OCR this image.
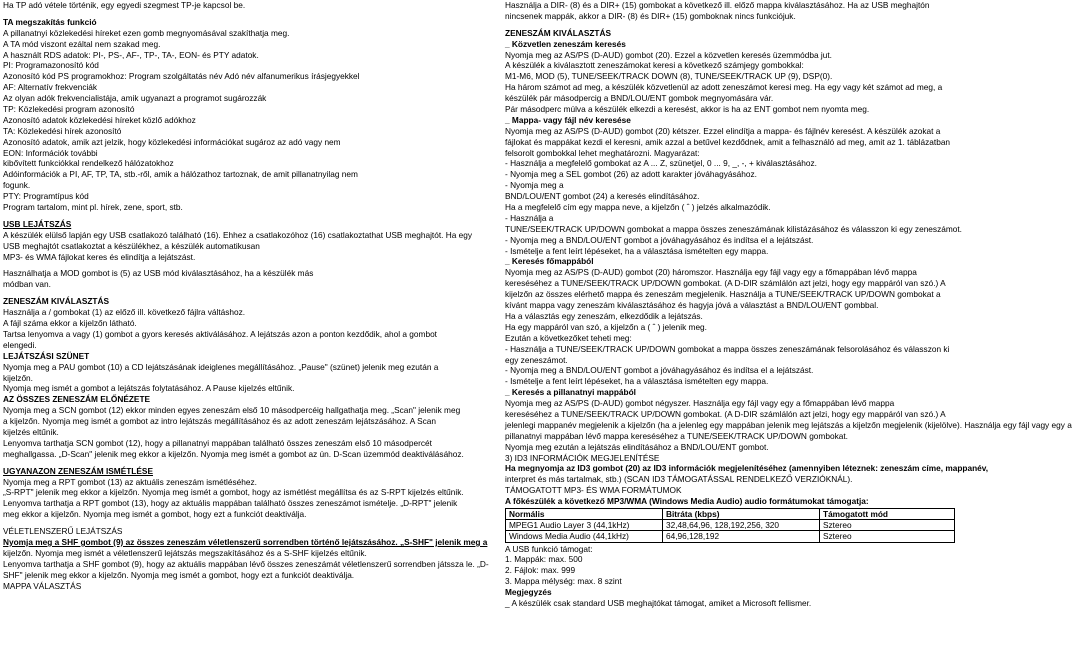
Ha TP adó vétele történik, egy egyedi szegmest TP-je kapcsol be.
TA megszakítás funkció
A pillanatnyi közlekedési híreket ezen gomb megnyomásával szakíthatja meg.
A TA mód viszont ezáltal nem szakad meg.
A használt RDS adatok: PI-, PS-, AF-, TP-, TA-, EON- és PTY adatok.
PI: Programazonosító kód
Azonosító kód PS programokhoz: Program szolgáltatás név Adó név alfanumerikus írásjegyekkel
AF: Alternatív frekvenciák
Az olyan adók frekvencialistája, amik ugyanazt a programot sugározzák
TP: Közlekedési program azonosító
Azonosító adatok közlekedési híreket közlő adókhoz
TA: Közlekedési hírek azonosító
Azonosító adatok, amik azt jelzik, hogy közlekedési információkat sugároz az adó vagy nem
EON: Információk további
kibővített funkciókkal rendelkező hálózatokhoz
Adóinformációk a PI, AF, TP, TA, stb.-ről, amik a hálózathoz tartoznak, de amit pillanatnyilag nem
fogunk.
PTY: Programtípus kód
Program tartalom, mint pl. hírek, zene, sport, stb.
USB LEJÁTSZÁS
A készülék elülső lapján egy USB csatlakozó található (16). Ehhez a csatlakozóhoz (16) csatlakoztathat USB meghajtót. Ha egy
USB meghajtót csatlakoztat a készülékhez, a készülék automatikusan
MP3- és WMA fájlokat keres és elindítja a lejátszást.
Használhatja a MOD gombot is (5) az USB mód kiválasztásához, ha a készülék más
módban van.
ZENESZÁM KIVÁLASZTÁS
Használja a / gombokat (1) az előző ill. következő fájlra váltáshoz.
A fájl száma ekkor a kijelzőn látható.
Tartsa lenyomva a vagy (1) gombot a gyors keresés aktiválásához. A lejátszás azon a ponton kezdődik, ahol a gombot
elengedi.
LEJÁTSZÁSI SZÜNET
Nyomja meg a PAU gombot (10) a CD lejátszásának ideiglenes megállításához. „Pause" (szünet) jelenik meg ezután a
kijelzőn.
Nyomja meg ismét a gombot a lejátszás folytatásához. A Pause kijelzés eltűnik.
AZ ÖSSZES ZENESZÁM ELŐNÉZETE
Nyomja meg a SCN gombot (12) ekkor minden egyes zeneszám első 10 másodpercéig hallgathatja meg. „Scan" jelenik meg
a kijelzőn. Nyomja meg ismét a gombot az intro lejátszás megállításához és az adott zeneszám lejátszásához. A Scan
kijelzés eltűnik.
Lenyomva tarthatja SCN gombot (12), hogy a pillanatnyi mappában található összes zeneszám első 10 másodpercét
meghallgassa. „D-Scan" jelenik meg ekkor a kijelzőn. Nyomja meg ismét a gombot az ún. D-Scan üzemmód deaktiválásához.
UGYANAZON ZENESZÁM ISMÉTLÉSE
Nyomja meg a RPT gombot (13) az aktuális zeneszám ismétléséhez.
„S-RPT" jelenik meg ekkor a kijelzőn. Nyomja meg ismét a gombot, hogy az ismétlést megállítsa és az S-RPT kijelzés eltűnik.
Lenyomva tarthatja a RPT gombot (13), hogy az aktuális mappában található összes zeneszámot ismételje. „D-RPT" jelenik
meg ekkor a kijelzőn. Nyomja meg ismét a gombot, hogy ezt a funkciót deaktiválja.
VÉLETLENSZERŰ LEJÁTSZÁS
Nyomja meg a SHF gombot (9) az összes zeneszám véletlenszerű sorrendben történő lejátszásához. „S-SHF" jelenik meg a
kijelzőn. Nyomja meg ismét a véletlenszerű lejátszás megszakításához és a S-SHF kijelzés eltűnik.
Lenyomva tarthatja a SHF gombot (9), hogy az aktuális mappában lévő összes zeneszámát véletlenszerű sorrendben játssza le. „D-
SHF" jelenik meg ekkor a kijelzőn. Nyomja meg ismét a gombot, hogy ezt a funkciót deaktiválja.
MAPPA VÁLASZTÁS
Használja a DIR- (8) és a DIR+ (15) gombokat a következő ill. előző mappa kiválasztásához. Ha az USB meghajtón
nincsenek mappák, akkor a DIR- (8) és DIR+ (15) gomboknak nincs funkciójuk.
ZENESZÁM KIVÁLASZTÁS
_ Közvetlen zeneszám keresés
Nyomja meg az AS/PS (D-AUD) gombot (20). Ezzel a közvetlen keresés üzemmódba jut.
A készülék a kiválasztott zeneszámokat keresi a következő számjegy gombokkal:
M1-M6, MOD (5), TUNE/SEEK/TRACK DOWN (8), TUNE/SEEK/TRACK UP (9), DSP(0).
Ha három számot ad meg, a készülék közvetlenül az adott zeneszámot keresi meg. Ha egy vagy két számot ad meg, a
készülék pár másodpercig a BND/LOU/ENT gombok megnyomására vár.
Pár másodperc múlva a készülék elkezdi a keresést, akkor is ha az ENT gombot nem nyomta meg.
_ Mappa- vagy fájl név keresése
Nyomja meg az AS/PS (D-AUD) gombot (20) kétszer. Ezzel elindítja a mappa- és fájlnév keresést. A készülék azokat a
fájlokat és mappákat kezdi el keresni, amik azzal a betűvel kezdődnek, amit a felhasználó ad meg, amit az 1. táblázatban
felsorolt gombokkal lehet meghatározni. Magyarázat:
- Használja a megfelelő gombokat az A ... Z, szünetjel, 0 ... 9, _, -, + kiválasztásához.
- Nyomja meg a SEL gombot (26) az adott karakter jóváhagyásához.
- Nyomja meg a
BND/LOU/ENT gombot (24) a keresés elindításához.
Ha a megfelelő cím egy mappa neve, a kijelzőn ( ˆ ) jelzés alkalmazódik.
- Használja a
TUNE/SEEK/TRACK UP/DOWN gombokat a mappa összes zeneszámának kilistázásához és válasszon ki egy zeneszámot.
- Nyomja meg a BND/LOU/ENT gombot a jóváhagyásához és indítsa el a lejátszást.
- Ismételje a fent leírt lépéseket, ha a választása ismételten egy mappa.
_ Keresés főmappából
Nyomja meg az AS/PS (D-AUD) gombot (20) háromszor. Használja egy fájl vagy egy a főmappában lévő mappa
kereséséhez a TUNE/SEEK/TRACK UP/DOWN gombokat. (A D-DIR számlálón azt jelzi, hogy egy mappáról van szó.) A
kijelzőn az összes elérhető mappa és zeneszám megjelenik. Használja a TUNE/SEEK/TRACK UP/DOWN gombokat a
kívánt mappa vagy zeneszám kiválasztásához és hagyja jóvá a választást a BND/LOU/ENT gombbal.
Ha a választás egy zeneszám, elkezdődik a lejátszás.
Ha egy mappáról van szó, a kijelzőn a ( ˆ ) jelenik meg.
Ezután a következőket teheti meg:
- Használja a TUNE/SEEK/TRACK UP/DOWN gombokat a mappa összes zeneszámának felsorolásához és válasszon ki
egy zeneszámot.
- Nyomja meg a BND/LOU/ENT gombot a jóváhagyásához és indítsa el a lejátszást.
- Ismételje a fent leírt lépéseket, ha a választása ismételten egy mappa.
_ Keresés a pillanatnyi mappából
Nyomja meg az AS/PS (D-AUD) gombot négyszer. Használja egy fájl vagy egy a főmappában lévő mappa
kereséséhez a TUNE/SEEK/TRACK UP/DOWN gombokat. (A D-DIR számlálón azt jelzi, hogy egy mappáról van szó.) A
jelenlegi mappanév megjelenik a kijelzőn (ha a jelenleg egy mappában jelenik meg lejátszás a kijelzőn megjelenik (kijelölve). Használja egy fájl vagy egy a
pillanatnyi mappában lévő mappa kereséséhez a TUNE/SEEK/TRACK UP/DOWN gombokat.
Nyomja meg ezután a lejátszás elindításához a BND/LOU/ENT gombot.
3) ID3 INFORMÁCIÓK MEGJELENÍTÉSE
Ha megnyomja az ID3 gombot (20) az ID3 információk megjelenítéséhez (amennyiben léteznek: zeneszám címe, mappanév,
interpret és más tartalmak, stb.) (SCAN ID3 TÁMOGATÁSSAL RENDELKEZŐ VERZIÓKNÁL).
TÁMOGATOTT MP3- ÉS WMA FORMÁTUMOK
A főkészülék a következő MP3/WMA (Windows Media Audio) audio formátumokat támogatja:
Normális	Bitráta (kbps)	Támogatott mód
MPEG1 Audio Layer 3 (44,1kHz)	32,48,64,96, 128,192,256, 320	Sztereo
Windows Media Audio (44,1kHz)	64,96,128,192	Sztereo
A USB funkció támogat:
1. Mappák: max. 500
2. Fájlok: max. 999
3. Mappa mélység: max. 8 szint
Megjegyzés
_ A készülék csak standard USB meghajtókat támogat, amiket a Microsoft fellismer.
